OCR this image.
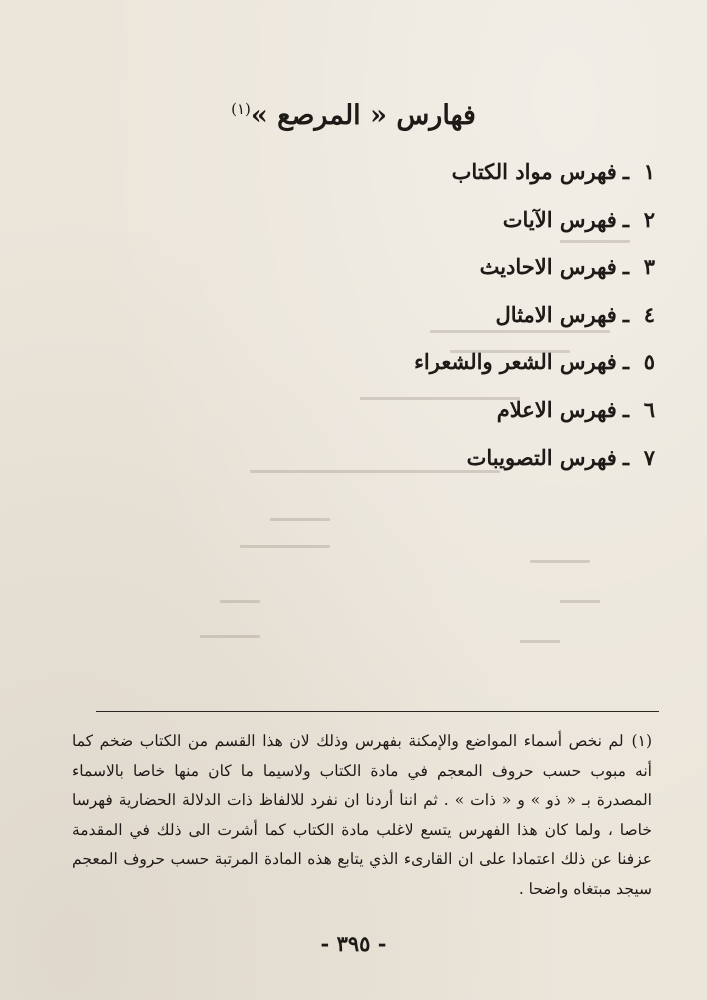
فهارس « المرصع »$^{(١)}$
١ـفهرس مواد الكتاب
٢ـفهرس الآيات
٣ـفهرس الاحاديث
٤ـفهرس الامثال
٥ـفهرس الشعر والشعراء
٦ـفهرس الاعلام
٧ـفهرس التصويبات

(١)لم نخص أسماء المواضع والإمكنة بفهرس وذلك لان هذا القسم من الكتاب ضخم كما أنه مبوب حسب حروف المعجم في مادة الكتاب ولاسيما ما كان منها خاصا بالاسماء المصدرة بـ « ذو » و « ذات » . ثم اننا أردنا ان نفرد للالفاظ ذات الدلالة الحضارية فهرسا خاصا ، ولما كان هذا الفهرس يتسع لاغلب مادة الكتاب كما أشرت الى ذلك في المقدمة عزفنا عن ذلك اعتمادا على ان القارىء الذي يتابع هذه المادة المرتبة حسب حروف المعجم سيجد مبتغاه واضحا .

- ٣٩٥ -
